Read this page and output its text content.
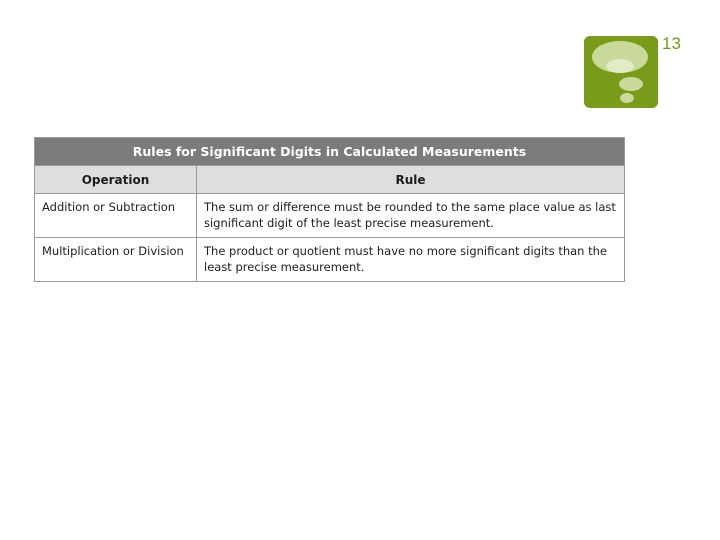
13
Rules for Significant Digits in Calculated Measurements	
Operation	Rule
Addition or Subtraction	The sum or difference must be rounded to the same place value as last significant digit of the least precise measurement.
Multiplication or Division	The product or quotient must have no more significant digits than the least precise measurement.
